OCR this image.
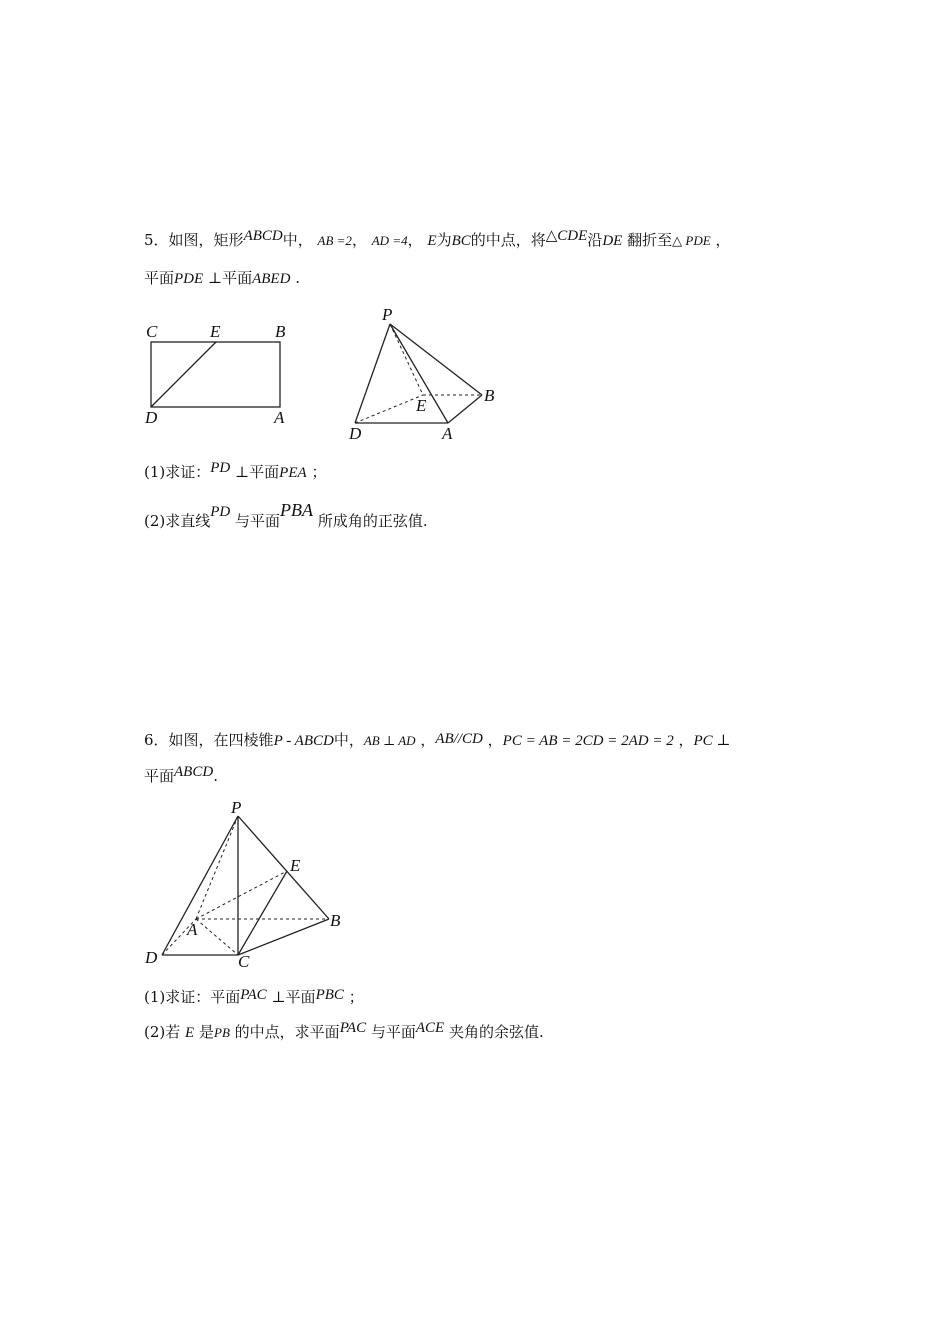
5．如图，矩形ABCD中， AB =2， AD =4， E为BC的中点，将△CDE沿DE 翻折至△ PDE ，
平面PDE ⊥平面ABED .
C	E	B
D	A
P
E
B
D	A
(1)求证：PD ⊥平面PEA ；
(2)求直线PD 与平面PBA 所成角的正弦值.
6．如图，在四棱锥P - ABCD中，AB ⊥ AD ，AB//CD ，PC = AB = 2CD = 2AD = 2 ，PC ⊥
平面ABCD.
P
E
A	B
D	C
(1)求证：平面PAC ⊥平面PBC ；
(2)若 E 是PB 的中点，求平面PAC 与平面ACE 夹角的余弦值.
